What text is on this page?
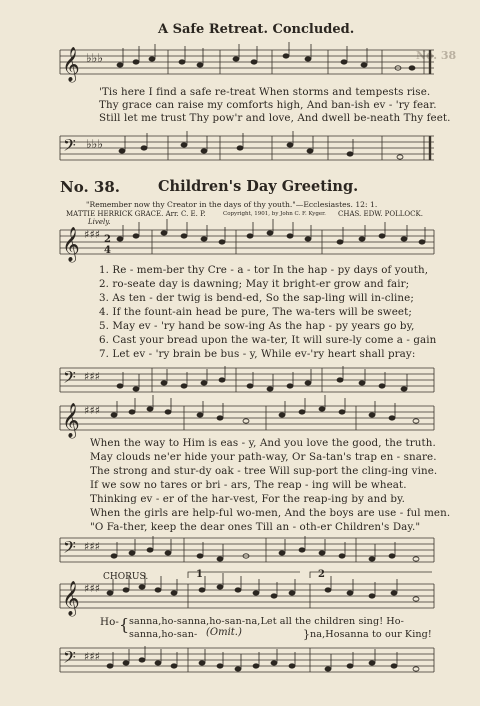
No. 38
A Safe Retreat. Concluded.
𝄞 ♭♭♭
'Tis here I find a safe re-treat When storms and tempests rise.
Thy grace can raise my comforts high, And ban-ish ev - 'ry fear.
Still let me trust Thy pow'r and love, And dwell be-neath Thy feet.
𝄢 ♭♭♭
No. 38.	Children's Day Greeting.
"Remember now thy Creator in the days of thy youth."—Ecclesiastes. 12: 1.
MATTIE HERRICK GRACE. Arr. C. E. P.	Copyright, 1901, by John C. F. Kyger. CHAS. EDW. POLLOCK.
Lively.
𝄞 ♯♯♯ 2
4
1. Re - mem-ber thy Cre - a - tor In the hap - py days of youth,
2. ro-seate day is dawning; May it bright-er grow and fair;
3. As ten - der twig is bend-ed, So the sap-ling will in-cline;
4. If the fount-ain head be pure, The wa-ters will be sweet;
5. May ev - 'ry hand be sow-ing As the hap - py years go by,
6. Cast your bread upon the wa-ter, It will sure-ly come a - gain
7. Let ev - 'ry brain be bus - y, While ev-'ry heart shall pray:
𝄢 ♯♯♯
𝄞 ♯♯♯
When the way to Him is eas - y, And you love the good, the truth.
May clouds ne'er hide your path-way, Or Sa-tan's trap en - snare.
The strong and stur-dy oak - tree Will sup-port the cling-ing vine.
If we sow no tares or bri - ars, The reap - ing will be wheat.
Thinking ev - er of the har-vest, For the reap-ing by and by.
When the girls are help-ful wo-men, And the boys are use - ful men.
"O Fa-ther, keep the dear ones Till an - oth-er Children's Day."
𝄢 ♯♯♯
CHORUS.	1	2
𝄞 ♯♯♯
Ho- { sanna,ho-sanna,ho-san-na,Let all the children sing! Ho-
sanna,ho-san- (Omit.)	} na,Hosanna to our King!
𝄢 ♯♯♯
